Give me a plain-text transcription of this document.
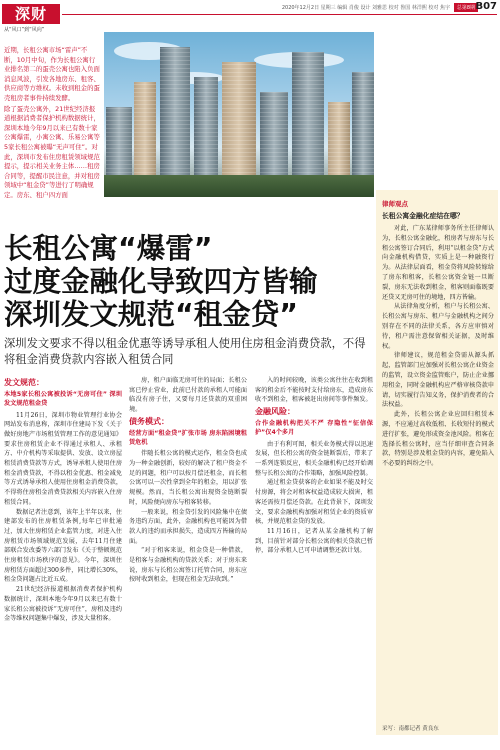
深财
从“风口”到“风向”
2020年12月2日 星期三 编辑 肖俊 设计 刘雅思 校对 鲁国 林洋熙 校对 焦宇	总第8期 B07

近期，长租公寓市场“雷声”不断，10月中旬，作为长租公寓行业排名第二的蛋壳公寓也陷入负面消息风波，引发各地房东、租客、供应商等方维权。未收到租金的蛋壳租房者事件持续发酵。

除了蛋壳公寓外，21世纪经济报道根据消费者保护机构数据统计，深圳本地今年9月以来已有数十家公寓爆雷，小寓公寓、乐易公寓等5家长租公寓被曝“无声可住”。对此，深圳市发布住房租赁领域规范提示，提示相关业务主体……租房合同等，提醒市民注意，并对租房领域中“租金贷”等进行了明确规定。房东、租户四方面

律师观点
长租公寓金融化症结在哪？

对此，广东某律师事务所主任律师认为，长租公寓金融化，租房者与房东与长租公寓签订合同后，利用“以租金贷”方式向金融机构借贷，实质上是一种融资行为。从法律层面看，租金贷将风险转嫁给了房东和租客，长租公寓资金链一旦断裂，房东无法收到租金，租客则面临既要还贷又无房可住的境地，四方皆输。

从法律角度分析，租户与长租公寓、长租公寓与房东、租户与金融机构之间分别存在不同的法律关系，各方应审慎对待，租户需注意保留相关证据，及时维权。

律师建议，规范租金贷需从源头抓起，监管部门应加强对长租公寓企业资金的监管，设立资金监管账户，防止企业挪用租金，同时金融机构应严格审核贷款申请，切实履行告知义务，保护消费者的合法权益。

此外，长租公寓企业应回归租赁本源，不应通过高收低租、长收短付的模式进行扩张，避免形成资金池风险。租客在选择长租公寓时，应当仔细审查合同条款，特别是涉及租金贷的内容，避免陷入不必要的纠纷之中。

采写：南都记者 黄良东
长租公寓“爆雷”
过度金融化导致四方皆输
深圳发文规范“租金贷”
深圳发文要求不得以租金优惠等诱导承租人使用住房租金消费贷款，不得将租金消费贷款内容嵌入租赁合同

发文规范：

本地5家长租公寓被投诉“无房可住” 深圳发文规范租金贷

11月26日，深圳市物业管理行业协会网站发布消息称，深圳市住建局下发《关于做好房地产市场租赁管理工作的意见通知》要求住房租赁企业不得通过承租人、承租方、中介机构等采取提供、发放、设立房屋租赁消费贷款等方式，诱导承租人使用住房租金消费贷款，不得以租金优惠、租金减免等方式诱导承租人使用住房租金消费贷款，不得将住房租金消费贷款相关内容嵌入住房租赁合同。

数据记者注意到，该年上半年以来，住建部发布的住房租赁条例,每年已审批通过，加大住房租赁企业监管力度，对进入住房租赁市场领域规范发展，去年11月住建部联合发改委等六部门发布《关于整顿规范住房租赁市场秩序的意见》。今年，深圳住房租赁方面超过300多件，同比增长30%，租金贷问题占比近五成。

21世纪经济报道根据消费者保护机构数据统计，深圳本地今年9月以来已有数十家长租公寓被投诉“无房可住”，房租及违约金等维权问题集中爆发，涉及大量租客。

房，租户面临无房可住的局面；长租公寓已停止营业，此前已付款的承租人可能面临没有房子住，又要每月还贷款的双重困境。

债务模式：

经营方面“租金贷”扩张市场 房东陷困境租赁危机

伴随长租公寓的模式运作，租金贷也成为一种金融创新，较好的解决了租户资金不足的问题，租户可以按月偿还租金，而长租公寓可以一次性拿到全年的租金，用以扩张规模。然而，当长租公寓出现资金链断裂时，风险便向房东与租客转移。

一般来说，租金贷引发的风险集中在债务违约方面，此外，金融机构也可能因为借款人的违约而承担损失，造成四方皆输的局面。

“对于租客来说，租金贷是一种借款，是租客与金融机构的贷款关系；对于房东来说，房东与长租公寓签订托管合同，房东应按时收到租金，但现在租金无法收到。”

入的时间较晚，该类公寓往往在收到租客的租金后不能按时支付给房东，造成房东收不到租金，租客被赶出房间等事件频发。

金融风险：

合作金融机构把关不严 存隐性“征信保护”仅4个多月

由于有利可图，相关业务模式得以迅速发展，但长租公寓的资金链断裂后，带来了一系列连锁反应，相关金融机构已经开始调整与长租公寓的合作策略，加强风险控制。

通过租金贷获客的企业如果不能及时交付房源，将会对租客权益造成较大损害，租客还需按月偿还贷款。在此背景下，深圳发文，要求金融机构加强对租赁企业的资质审核，并规范租金贷的发放。

11月16日，记者从某金融机构了解到，目前针对部分长租公寓的相关贷款已暂停，部分承租人已可申请调整还款计划。
